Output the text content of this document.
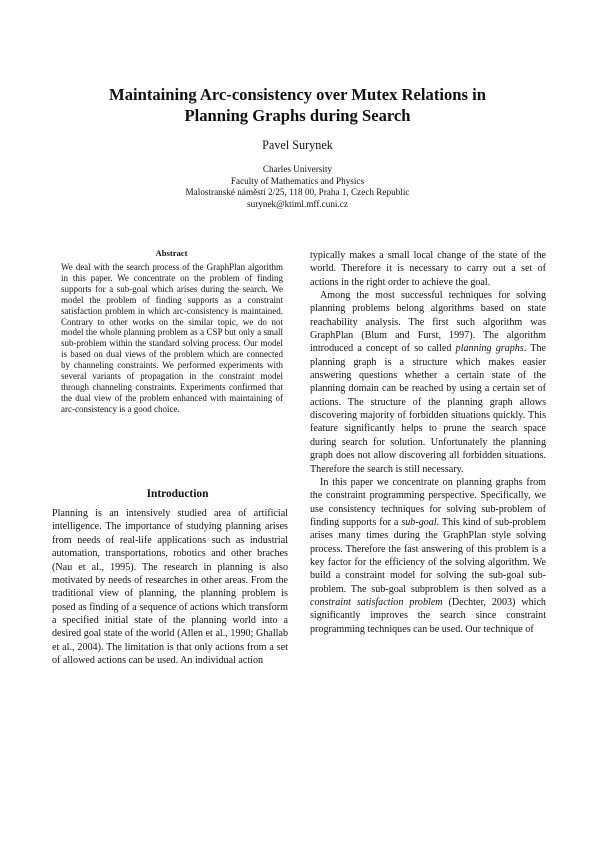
Maintaining Arc-consistency over Mutex Relations in
Planning Graphs during Search
Pavel Surynek
Charles University
Faculty of Mathematics and Physics
Malostranské náměstí 2/25, 118 00, Praha 1, Czech Republic
surynek@ktiml.mff.cuni.cz
Abstract
We deal with the search process of the GraphPlan algorithm in this paper. We concentrate on the problem of finding supports for a sub-goal which arises during the search. We model the problem of finding supports as a constraint satisfaction problem in which arc-consistency is maintained. Contrary to other works on the similar topic, we do not model the whole planning problem as a CSP but only a small sub-problem within the standard solving process. Our model is based on dual views of the problem which are connected by channeling constraints. We performed experiments with several variants of propagation in the constraint model through channeling constraints. Experiments confirmed that the dual view of the problem enhanced with maintaining of arc-consistency is a good choice.
Introduction

Planning is an intensively studied area of artificial intelligence. The importance of studying planning arises from needs of real-life applications such as industrial automation, transportations, robotics and other braches (Nau et al., 1995). The research in planning is also motivated by needs of researches in other areas. From the traditional view of planning, the planning problem is posed as finding of a sequence of actions which transform a specified initial state of the planning world into a desired goal state of the world (Allen et al., 1990; Ghallab et al., 2004). The limitation is that only actions from a set of allowed actions can be used. An individual action

typically makes a small local change of the state of the world. Therefore it is necessary to carry out a set of actions in the right order to achieve the goal.

Among the most successful techniques for solving planning problems belong algorithms based on state reachability analysis. The first such algorithm was GraphPlan (Blum and Furst, 1997). The algorithm introduced a concept of so called planning graphs. The planning graph is a structure which makes easier answering questions whether a certain state of the planning domain can be reached by using a certain set of actions. The structure of the planning graph allows discovering majority of forbidden situations quickly. This feature significantly helps to prune the search space during search for solution. Unfortunately the planning graph does not allow discovering all forbidden situations. Therefore the search is still necessary.

In this paper we concentrate on planning graphs from the constraint programming perspective. Specifically, we use consistency techniques for solving sub-problem of finding supports for a sub-goal. This kind of sub-problem arises many times during the GraphPlan style solving process. Therefore the fast answering of this problem is a key factor for the efficiency of the solving algorithm. We build a constraint model for solving the sub-goal sub-problem. The sub-goal subproblem is then solved as a constraint satisfaction problem (Dechter, 2003) which significantly improves the search since constraint programming techniques can be used. Our technique of
